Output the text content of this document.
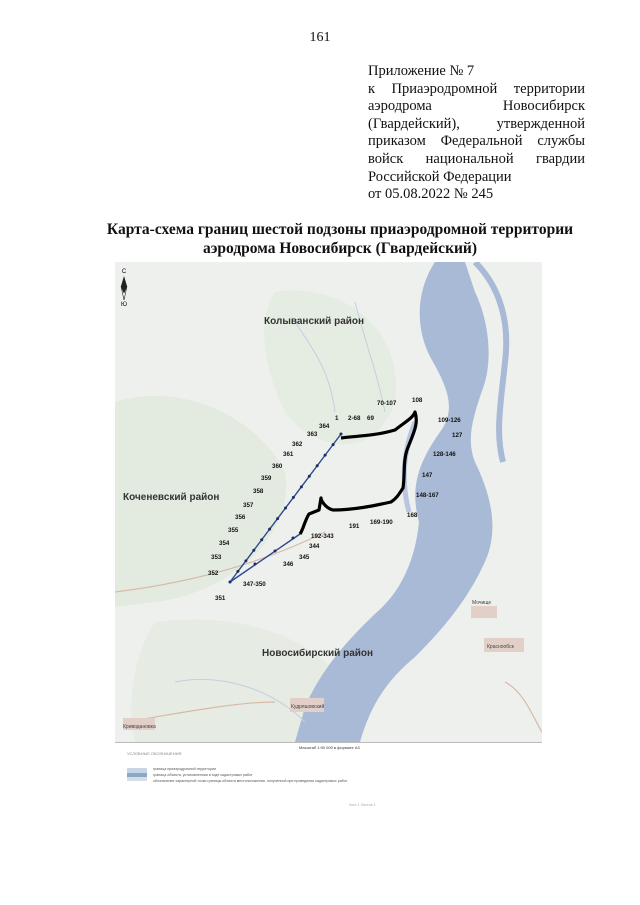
161
Приложение № 7
к Приаэродромной территории
аэродрома Новосибирск
(Гвардейский), утвержденной
приказом Федеральной службы
войск национальной гвардии
Российской Федерации
от 05.08.2022 № 245
Карта-схема границ шестой подзоны приаэродромной территории
аэродрома Новосибирск (Гвардейский)
С
Ю
Колыванский район
Коченевский район
Новосибирский район
Мочище
Краснообск
Криводановка
Кудряшовский
1 2-68 69
70-107	108
109-126
127
128-146
147
148-167
168
169-190
191
192-343
344
345
346
347-350
351
352
353
354
355
356
357
358
359
360
361
362
363
364
Масштаб 1:90 000 в формате А3
УСЛОВНЫЕ ОБОЗНАЧЕНИЯ
граница приаэродромной территории
граница объекта, установленная в ходе кадастровых работ
обозначение характерной точки границы объекта местоположения, полученной при проведении кадастровых работ
Лист 1 Листов 1
